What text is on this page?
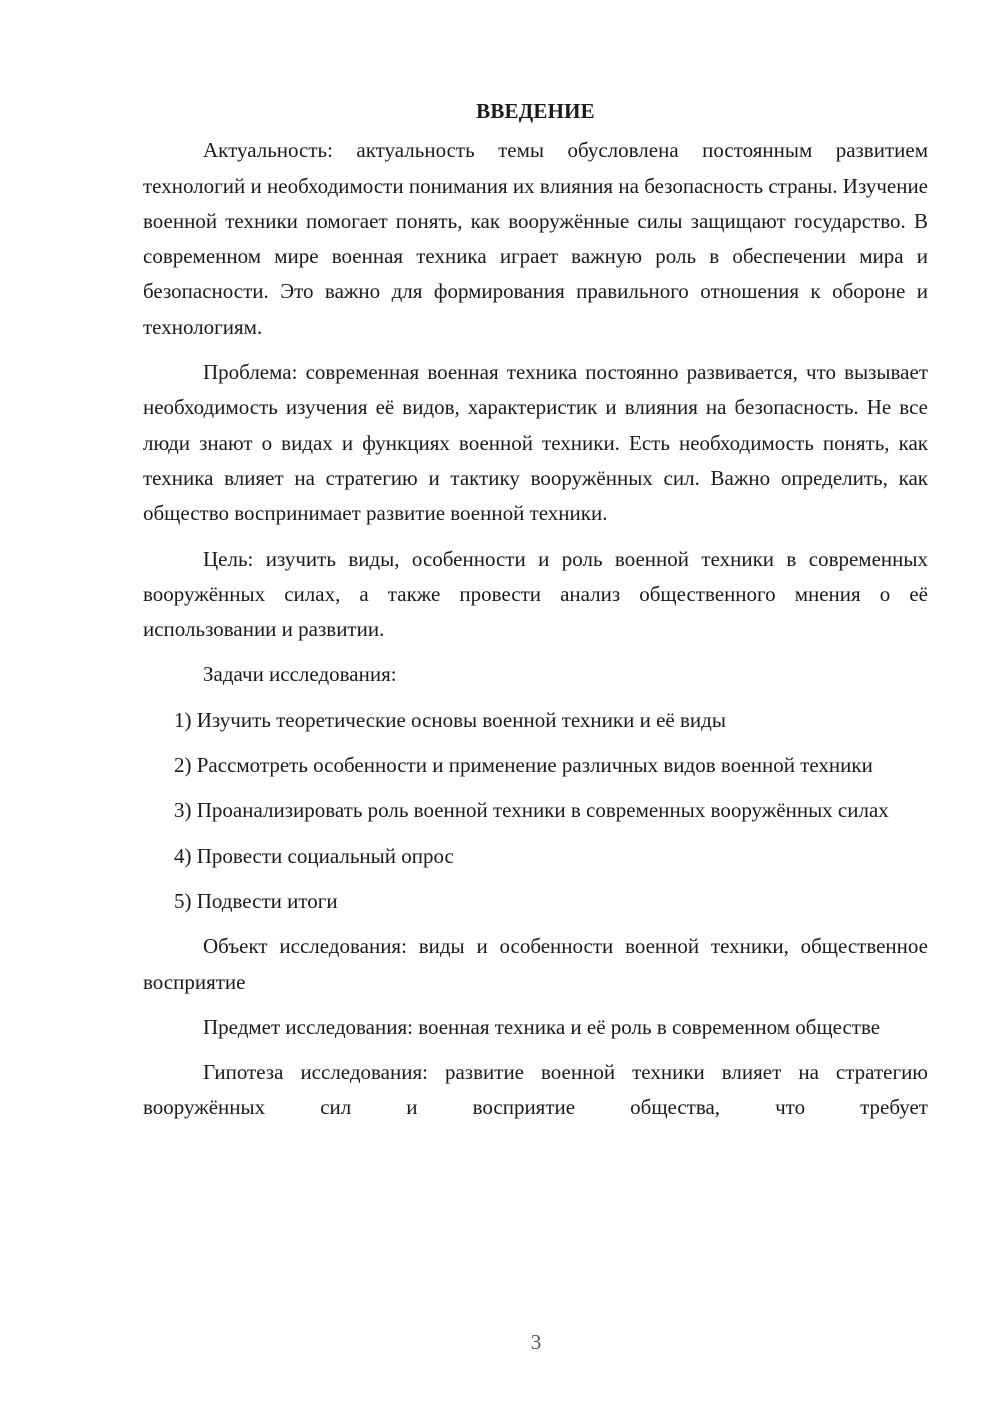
ВВЕДЕНИЕ

Актуальность: актуальность темы обусловлена постоянным развитием технологий и необходимости понимания их влияния на безопасность страны. Изучение военной техники помогает понять, как вооружённые силы защищают государство. В современном мире военная техника играет важную роль в обеспечении мира и безопасности. Это важно для формирования правильного отношения к обороне и технологиям.

Проблема: современная военная техника постоянно развивается, что вызывает необходимость изучения её видов, характеристик и влияния на безопасность. Не все люди знают о видах и функциях военной техники. Есть необходимость понять, как техника влияет на стратегию и тактику вооружённых сил. Важно определить, как общество воспринимает развитие военной техники.

Цель: изучить виды, особенности и роль военной техники в современных вооружённых силах, а также провести анализ общественного мнения о её использовании и развитии.

Задачи исследования:

1) Изучить теоретические основы военной техники и её виды

2) Рассмотреть особенности и применение различных видов военной техники

3) Проанализировать роль военной техники в современных вооружённых силах

4) Провести социальный опрос

5) Подвести итоги

Объект исследования: виды и особенности военной техники, общественное восприятие

Предмет исследования: военная техника и её роль в современном обществе

Гипотеза исследования: развитие военной техники влияет на стратегию вооружённых сил и восприятие общества, что требует

3
